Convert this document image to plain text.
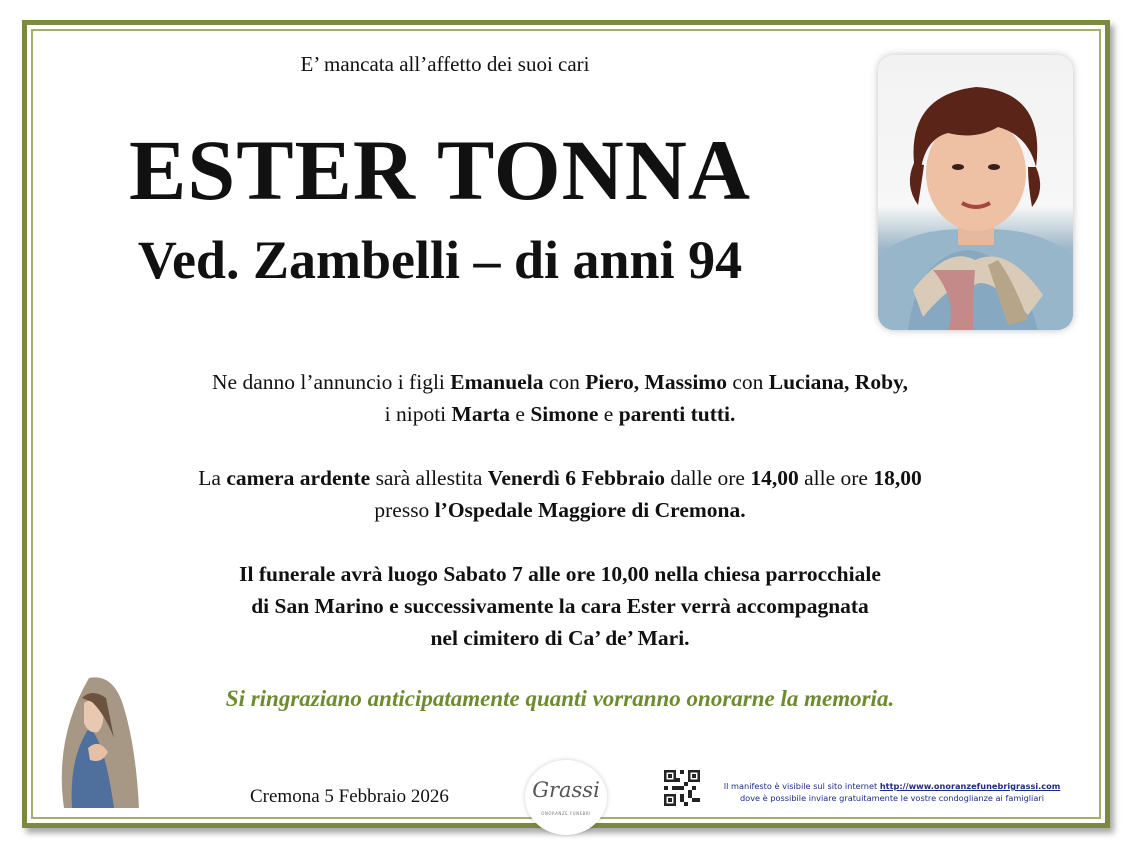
E’ mancata all’affetto dei suoi cari
ESTER TONNA
Ved. Zambelli – di anni 94
Ne danno l’annuncio i figli Emanuela con Piero, Massimo con Luciana, Roby,
i nipoti Marta e Simone e parenti tutti.
La camera ardente sarà allestita Venerdì 6 Febbraio dalle ore 14,00 alle ore 18,00
presso l’Ospedale Maggiore di Cremona.
Il funerale avrà luogo Sabato 7 alle ore 10,00 nella chiesa parrocchiale
di San Marino e successivamente la cara Ester verrà accompagnata
nel cimitero di Ca’ de’ Mari.
Si ringraziano anticipatamente quanti vorranno onorarne la memoria.
Cremona 5 Febbraio 2026	Grassi
ONORANZE FUNEBRI
Il manifesto è visibile sul sito internet http://www.onoranzefunebrigrassi.com
dove è possibile inviare gratuitamente le vostre condoglianze ai famigliari
